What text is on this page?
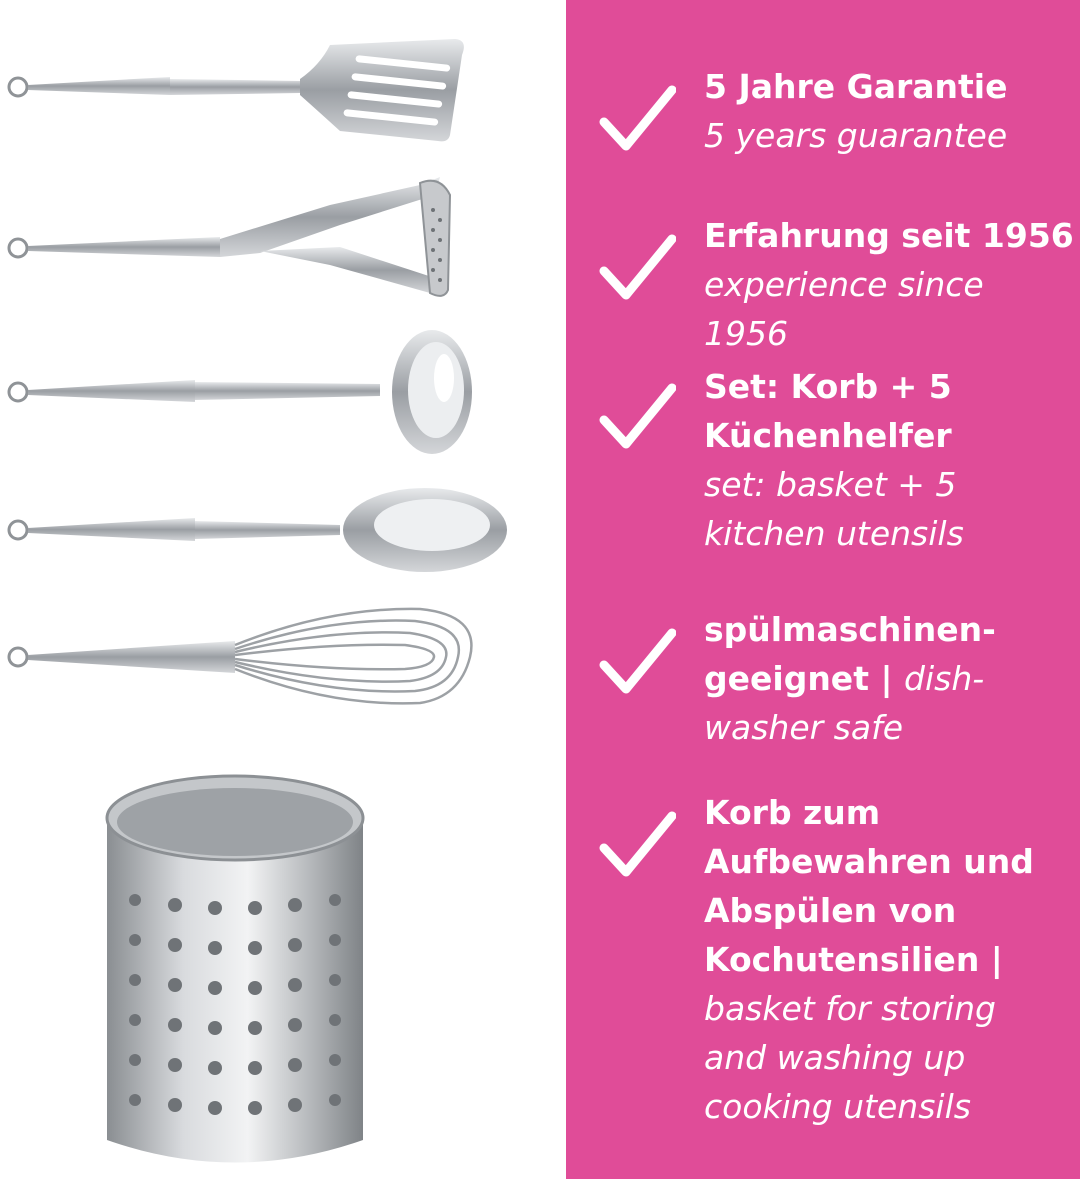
5 Jahre Garantie
5 years guarantee
Erfahrung seit 1956
experience since 1956
Set: Korb + 5
Küchenhelfer
set: basket + 5
kitchen utensils
spülmaschinen-
geeignet | dish-
washer safe
Korb zum
Aufbewahren und
Abspülen von
Kochutensilien |
basket for storing
and washing up
cooking utensils
